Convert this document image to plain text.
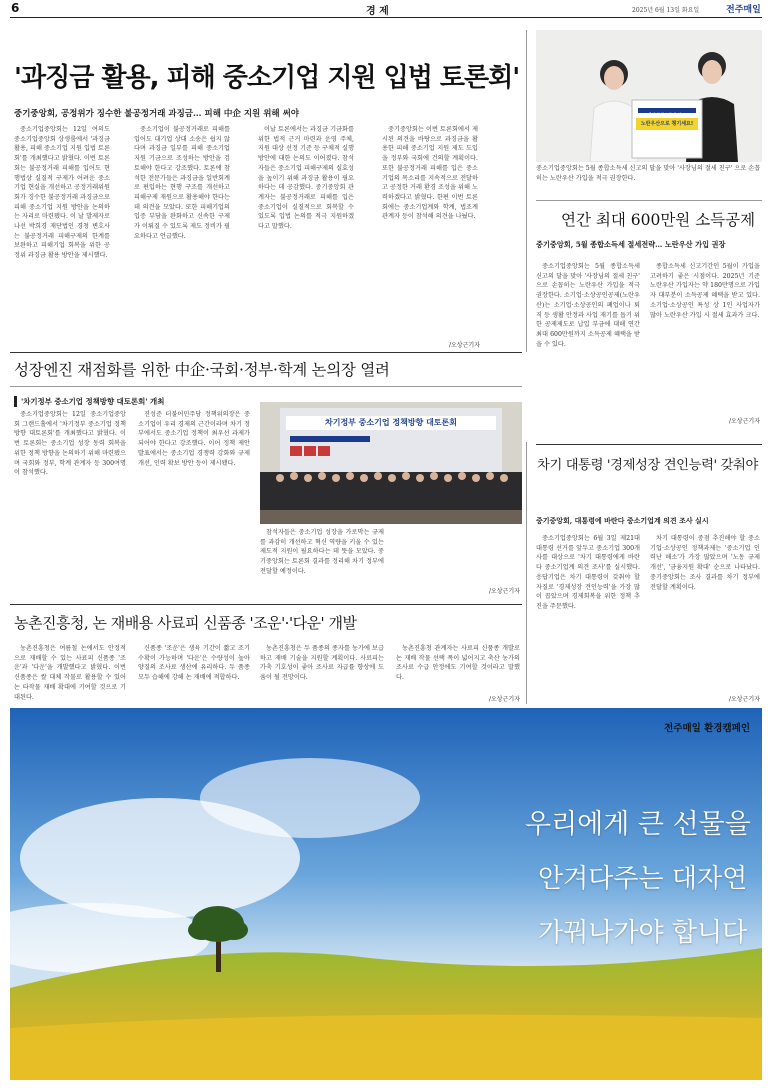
6	경 제	2025년 6월 13일 화요일	전주매일
'과징금 활용, 피해 중소기업 지원 입법 토론회'
중기중앙회, 공정위가 징수한 불공정거래 과징금… 피해 中企 지원 위해 써야

중소기업중앙회는 12일 여의도 중소기업중앙회 상생룸에서 '과징금 활용, 피해 중소기업 지원 입법 토론회'를 개최했다고 밝혔다. 이번 토론회는 불공정거래 피해를 입어도 현행법상 실질적 구제가 어려운 중소기업 현실을 개선하고 공정거래위원회가 징수한 불공정거래 과징금으로 피해 중소기업 지원 방안을 논의하는 자리로 마련됐다. 이 날 발제자로 나선 박희경 재단법인 경청 변호사는 불공정거래 피해구제의 한계를 보완하고 피해기업 회복을 위한 공정위 과징금 활용 방안을 제시했다.

중소기업이 불공정거래로 피해를 입어도 대기업 상대 소송은 쉽지 않다며 과징금 일부를 피해 중소기업 지원 기금으로 조성하는 방안을 검토해야 한다고 강조했다. 토론에 참석한 전문가들은 과징금을 일반회계로 편입하는 현행 구조를 개선하고 피해구제 재원으로 활용해야 한다는 데 의견을 모았다. 또한 피해기업의 입증 부담을 완화하고 신속한 구제가 이뤄질 수 있도록 제도 정비가 필요하다고 언급했다.

이날 토론에서는 과징금 기금화를 위한 법적 근거 마련과 운영 주체, 지원 대상 선정 기준 등 구체적 실행 방안에 대한 논의도 이어졌다. 참석자들은 중소기업 피해구제의 실효성을 높이기 위해 과징금 활용이 필요하다는 데 공감했다. 중기중앙회 관계자는 불공정거래로 피해를 입은 중소기업이 실질적으로 회복할 수 있도록 입법 논의를 적극 지원하겠다고 말했다.

중기중앙회는 이번 토론회에서 제시된 의견을 바탕으로 과징금을 활용한 피해 중소기업 지원 제도 도입을 정부와 국회에 건의할 계획이다. 또한 불공정거래 피해를 입은 중소기업의 목소리를 지속적으로 전달하고 공정한 거래 환경 조성을 위해 노력하겠다고 밝혔다. 한편 이번 토론회에는 중소기업계와 학계, 법조계 관계자 등이 참석해 의견을 나눴다.

/오상근기자
5월 종합소득세 신고
노란우산으로 챙기세요!
중소기업중앙회는 5월 종합소득세 신고의 달을 맞아 '사장님의 절세 친구' 으로 손꼽히는 노란우산 가입을 적극 권장한다.
연간 최대 600만원 소득공제
중기중앙회, 5월 종합소득세 절세전략… 노란우산 가입 권장

중소기업중앙회는 5월 종합소득세 신고의 달을 맞아 '사장님의 절세 친구' 으로 손꼽히는 노란우산 가입을 적극 권장한다. 소기업·소상공인공제(노란우산)는 소기업·소상공인의 폐업이나 퇴직 등 생활 안정과 사업 재기를 돕기 위한 공제제도로 납입 부금에 대해 연간 최대 600만원까지 소득공제 혜택을 받을 수 있다.

종합소득세 신고기간인 5월이 가입을 고려하기 좋은 시점이다. 2025년 기준 노란우산 가입자는 약 180만명으로 가입자 대부분이 소득공제 혜택을 받고 있다. 소기업·소상공인 특성 상 1인 사업자가 많아 노란우산 가입 시 절세 효과가 크다.

/오상근기자
성장엔진 재점화를 위한 中企·국회·정부·학계 논의장 열려
'차기정부 중소기업 정책방향 대토론회' 개최
차기정부 중소기업 정책방향 대토론회

중소기업중앙회는 12일 중소기업중앙회 그랜드홀에서 '차기정부 중소기업 정책방향 대토론회'를 개최했다고 밝혔다. 이번 토론회는 중소기업 성장 동력 회복을 위한 정책 방향을 논의하기 위해 마련됐으며 국회와 정부, 학계 관계자 등 300여명이 참석했다.

진성준 더불어민주당 정책위의장은 중소기업이 우리 경제의 근간이라며 차기 정부에서도 중소기업 정책이 최우선 과제가 되어야 한다고 강조했다. 이어 정책 제안 발표에서는 중소기업 경쟁력 강화와 규제 개선, 인력 확보 방안 등이 제시됐다.

참석자들은 중소기업 성장을 가로막는 규제를 과감히 개선하고 혁신 역량을 키울 수 있는 제도적 지원이 필요하다는 데 뜻을 모았다. 중기중앙회는 토론회 결과를 정리해 차기 정부에 전달할 예정이다.

/오상근기자
차기 대통령 '경제성장 견인능력' 갖춰야
중기중앙회, 대통령에 바란다 중소기업계 의견 조사 실시

중소기업중앙회는 6월 3일 제21대 대통령 선거를 앞두고 중소기업 300개사를 대상으로 '차기 대통령에게 바란다 중소기업계 의견 조사'를 실시했다. 응답기업은 차기 대통령이 갖춰야 할 자질로 '경제성장 견인능력'을 가장 많이 꼽았으며 경제회복을 위한 정책 추진을 주문했다.

차기 대통령이 중점 추진해야 할 중소기업·소상공인 정책과제는 '중소기업 인력난 해소'가 가장 많았으며 '노동 규제 개선', '금융지원 확대' 순으로 나타났다. 중기중앙회는 조사 결과를 차기 정부에 전달할 계획이다.

/오상근기자
농촌진흥청, 논 재배용 사료피 신품종 '조운'·'다운' 개발

농촌진흥청은 여름철 논에서도 안정적으로 재배할 수 있는 사료피 신품종 '조운'과 '다운'을 개발했다고 밝혔다. 이번 신품종은 쌀 대체 작물로 활용할 수 있어 논 타작물 재배 확대에 기여할 것으로 기대된다.

신품종 '조운'은 생육 기간이 짧고 조기 수확이 가능하며 '다운'은 수량성이 높아 양질의 조사료 생산에 유리하다. 두 품종 모두 습해에 강해 논 재배에 적합하다.

농촌진흥청은 두 품종의 종자를 농가에 보급하고 재배 기술을 지원할 계획이다. 사료피는 가축 기호성이 좋아 조사료 자급률 향상에 도움이 될 전망이다.

농촌진흥청 관계자는 사료피 신품종 개발로 논 재배 작물 선택 폭이 넓어지고 축산 농가의 조사료 수급 안정에도 기여할 것이라고 말했다.

/오상근기자
전주매일 환경캠페인
우리에게 큰 선물을
안겨다주는 대자연
가꿔나가야 합니다
